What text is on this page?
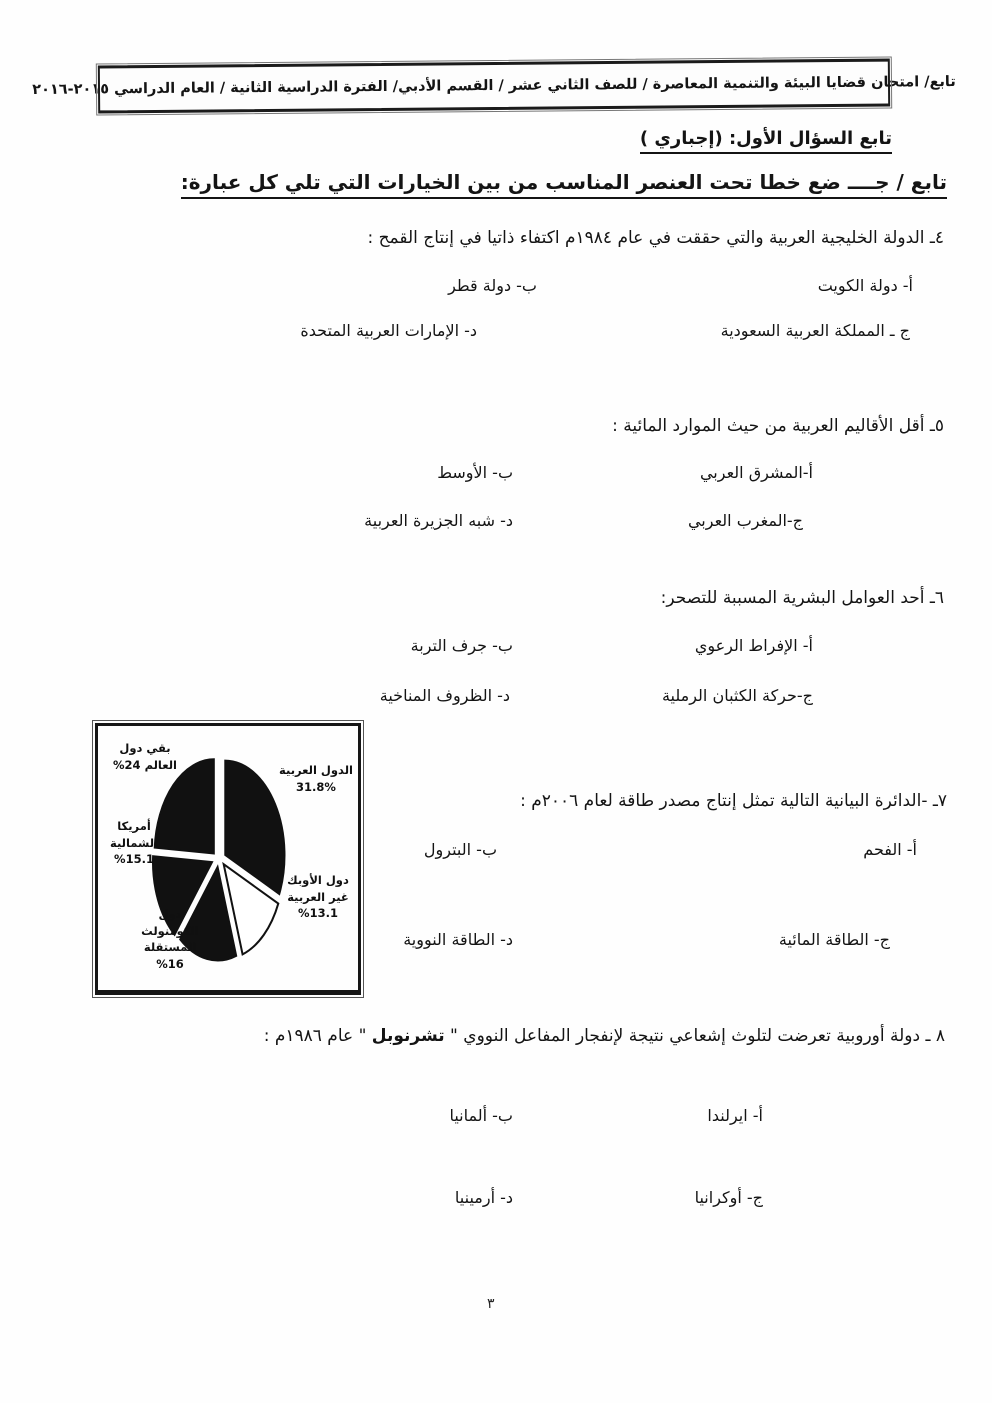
تابع/ امتحان قضايا البيئة والتنمية المعاصرة / للصف الثاني عشر / القسم الأدبي/ الفترة الدراسية الثانية / العام الدراسي ٢٠١٥-٢٠١٦
تابع السؤال الأول: (إجباري )
تابع / جــــ ضع خطا تحت العنصر المناسب من بين الخيارات التي تلي كل عبارة:
٤ـ الدولة الخليجية العربية والتي حققت في عام ١٩٨٤م اكتفاء ذاتيا في إنتاج القمح :
أ- دولة الكويت
ب- دولة قطر
ج ـ المملكة العربية السعودية
د- الإمارات العربية المتحدة
٥ـ أقل الأقاليم العربية من حيث الموارد المائية :
أ-المشرق العربي
ب- الأوسط
ج-المغرب العربي
د- شبه الجزيرة العربية
٦ـ أحد العوامل البشرية المسببة للتصحر:
أ- الإفراط الرعوي
ب- جرف التربة
ج-حركة الكثبان الرملية
د- الظروف المناخية
الدول العربية
31.8%
دول الأوبك غير العربية
%13.1
دول الكومنولث المستقلة
%16
أمريكا الشمالية
%15.1
بقي دول العالم %24
٧ـ -الدائرة البيانية التالية تمثل إنتاج مصدر طاقة لعام ٢٠٠٦م :
أ- الفحم
ب- البترول
ج- الطاقة المائية
د- الطاقة النووية
٨ ـ دولة أوروبية تعرضت لتلوث إشعاعي نتيجة لإنفجار المفاعل النووي " تشرنوبل " عام ١٩٨٦م :
أ- ايرلندا
ب- ألمانيا
ج- أوكرانيا
د- أرمينيا
٣
